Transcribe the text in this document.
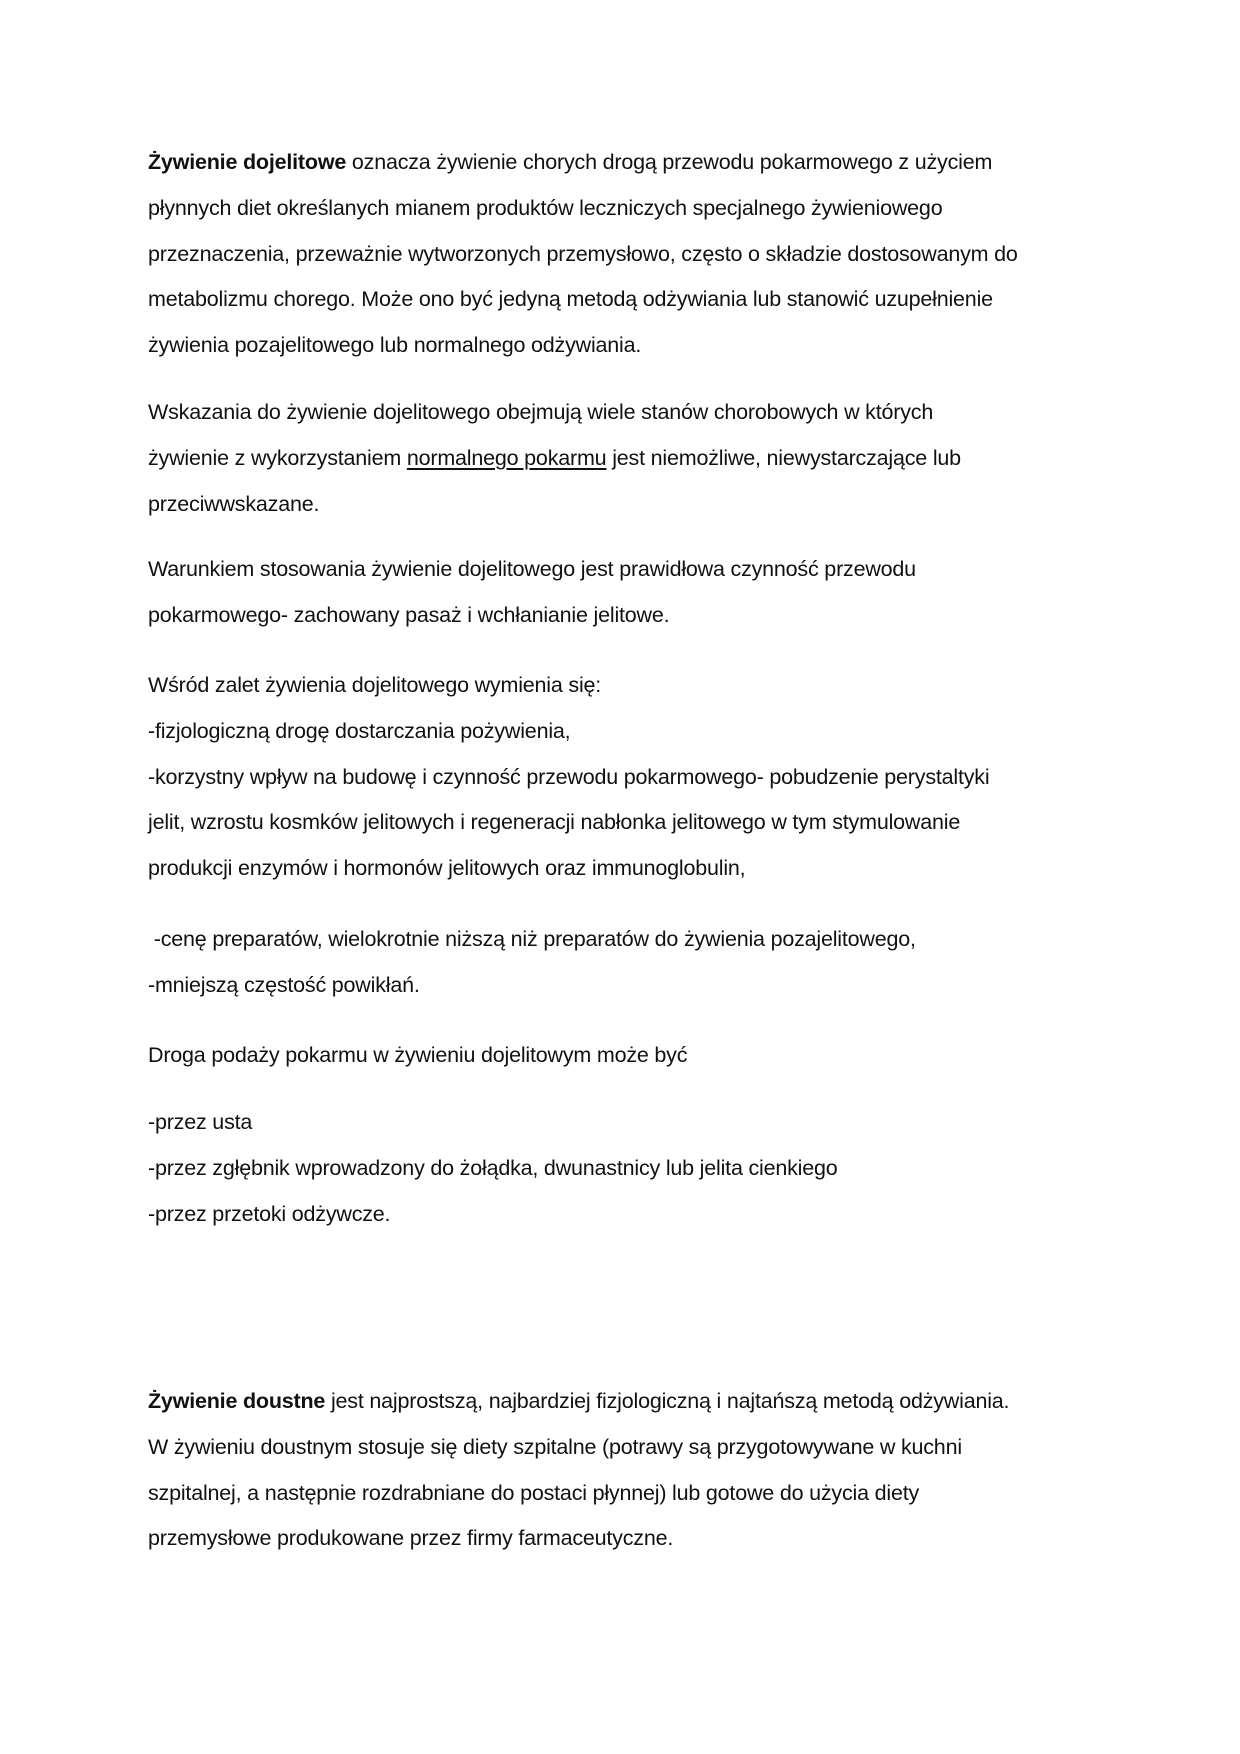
Żywienie dojelitowe oznacza żywienie chorych drogą przewodu pokarmowego z użyciem
płynnych diet określanych mianem produktów leczniczych specjalnego żywieniowego
przeznaczenia, przeważnie wytworzonych przemysłowo, często o składzie dostosowanym do
metabolizmu chorego. Może ono być jedyną metodą odżywiania lub stanowić uzupełnienie
żywienia pozajelitowego lub normalnego odżywiania.

Wskazania do żywienie dojelitowego obejmują wiele stanów chorobowych w których
żywienie z wykorzystaniem normalnego pokarmu jest niemożliwe, niewystarczające lub
przeciwwskazane.

Warunkiem stosowania żywienie dojelitowego jest prawidłowa czynność przewodu
pokarmowego- zachowany pasaż i wchłanianie jelitowe.

Wśród zalet żywienia dojelitowego wymienia się:
-fizjologiczną drogę dostarczania pożywienia,
-korzystny wpływ na budowę i czynność przewodu pokarmowego- pobudzenie perystaltyki
jelit, wzrostu kosmków jelitowych i regeneracji nabłonka jelitowego w tym stymulowanie
produkcji enzymów i hormonów jelitowych oraz immunoglobulin,

-cenę preparatów, wielokrotnie niższą niż preparatów do żywienia pozajelitowego,
-mniejszą częstość powikłań.

Droga podaży pokarmu w żywieniu dojelitowym może być

-przez usta
-przez zgłębnik wprowadzony do żołądka, dwunastnicy lub jelita cienkiego
-przez przetoki odżywcze.

Żywienie doustne jest najprostszą, najbardziej fizjologiczną i najtańszą metodą odżywiania.
W żywieniu doustnym stosuje się diety szpitalne (potrawy są przygotowywane w kuchni
szpitalnej, a następnie rozdrabniane do postaci płynnej) lub gotowe do użycia diety
przemysłowe produkowane przez firmy farmaceutyczne.
